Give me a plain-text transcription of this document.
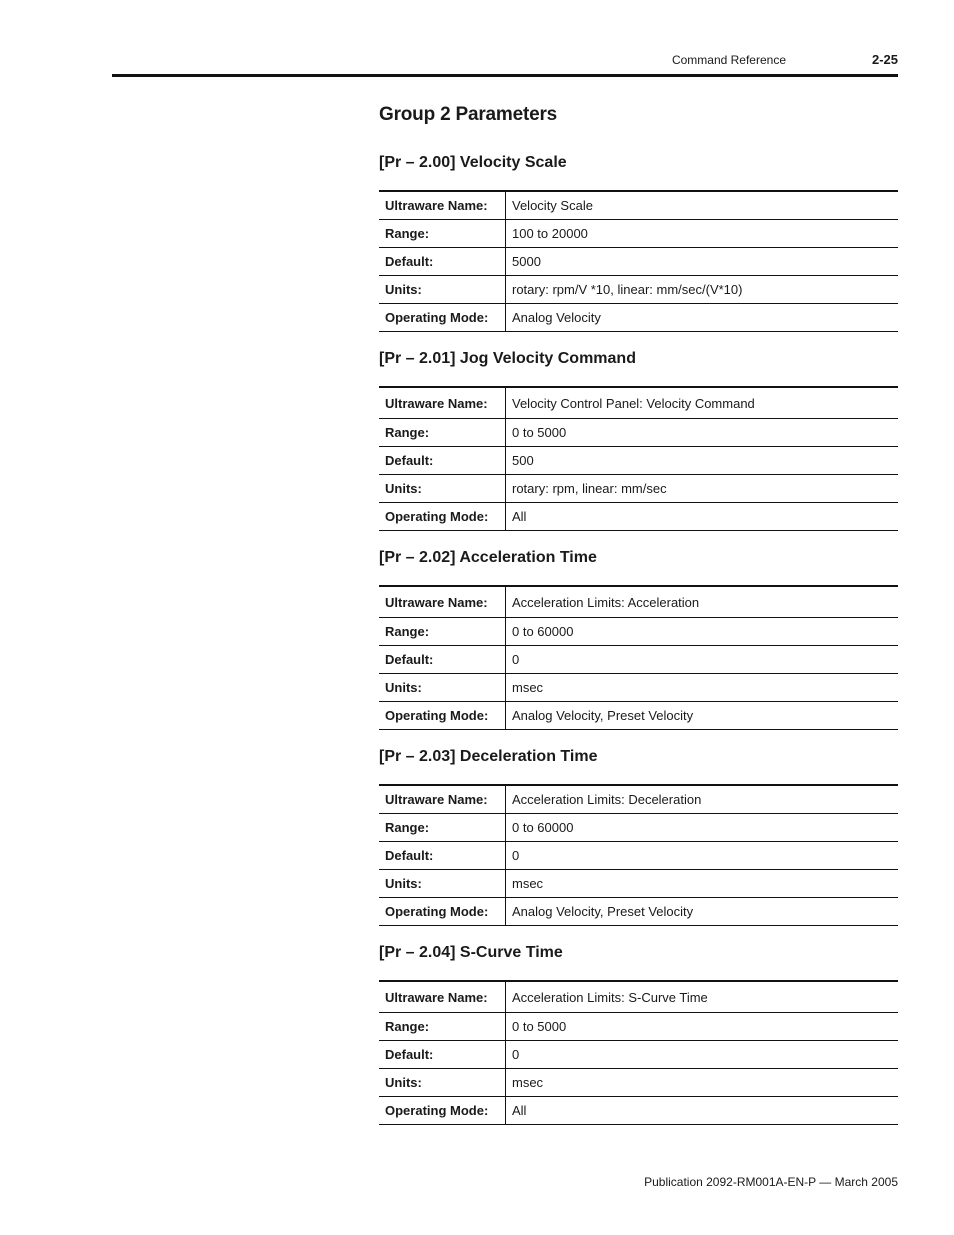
Command Reference	2-25
Group 2 Parameters
[Pr – 2.00] Velocity Scale
Ultraware Name:	Velocity Scale
Range:	100 to 20000
Default:	5000
Units:	rotary: rpm/V *10, linear: mm/sec/(V*10)
Operating Mode:	Analog Velocity
[Pr – 2.01] Jog Velocity Command
Ultraware Name:	Velocity Control Panel: Velocity Command
Range:	0 to 5000
Default:	500
Units:	rotary: rpm, linear: mm/sec
Operating Mode:	All
[Pr – 2.02] Acceleration Time
Ultraware Name:	Acceleration Limits: Acceleration
Range:	0 to 60000
Default:	0
Units:	msec
Operating Mode:	Analog Velocity, Preset Velocity
[Pr – 2.03] Deceleration Time
Ultraware Name:	Acceleration Limits: Deceleration
Range:	0 to 60000
Default:	0
Units:	msec
Operating Mode:	Analog Velocity, Preset Velocity
[Pr – 2.04] S-Curve Time
Ultraware Name:	Acceleration Limits: S-Curve Time
Range:	0 to 5000
Default:	0
Units:	msec
Operating Mode:	All
Publication 2092-RM001A-EN-P — March 2005
